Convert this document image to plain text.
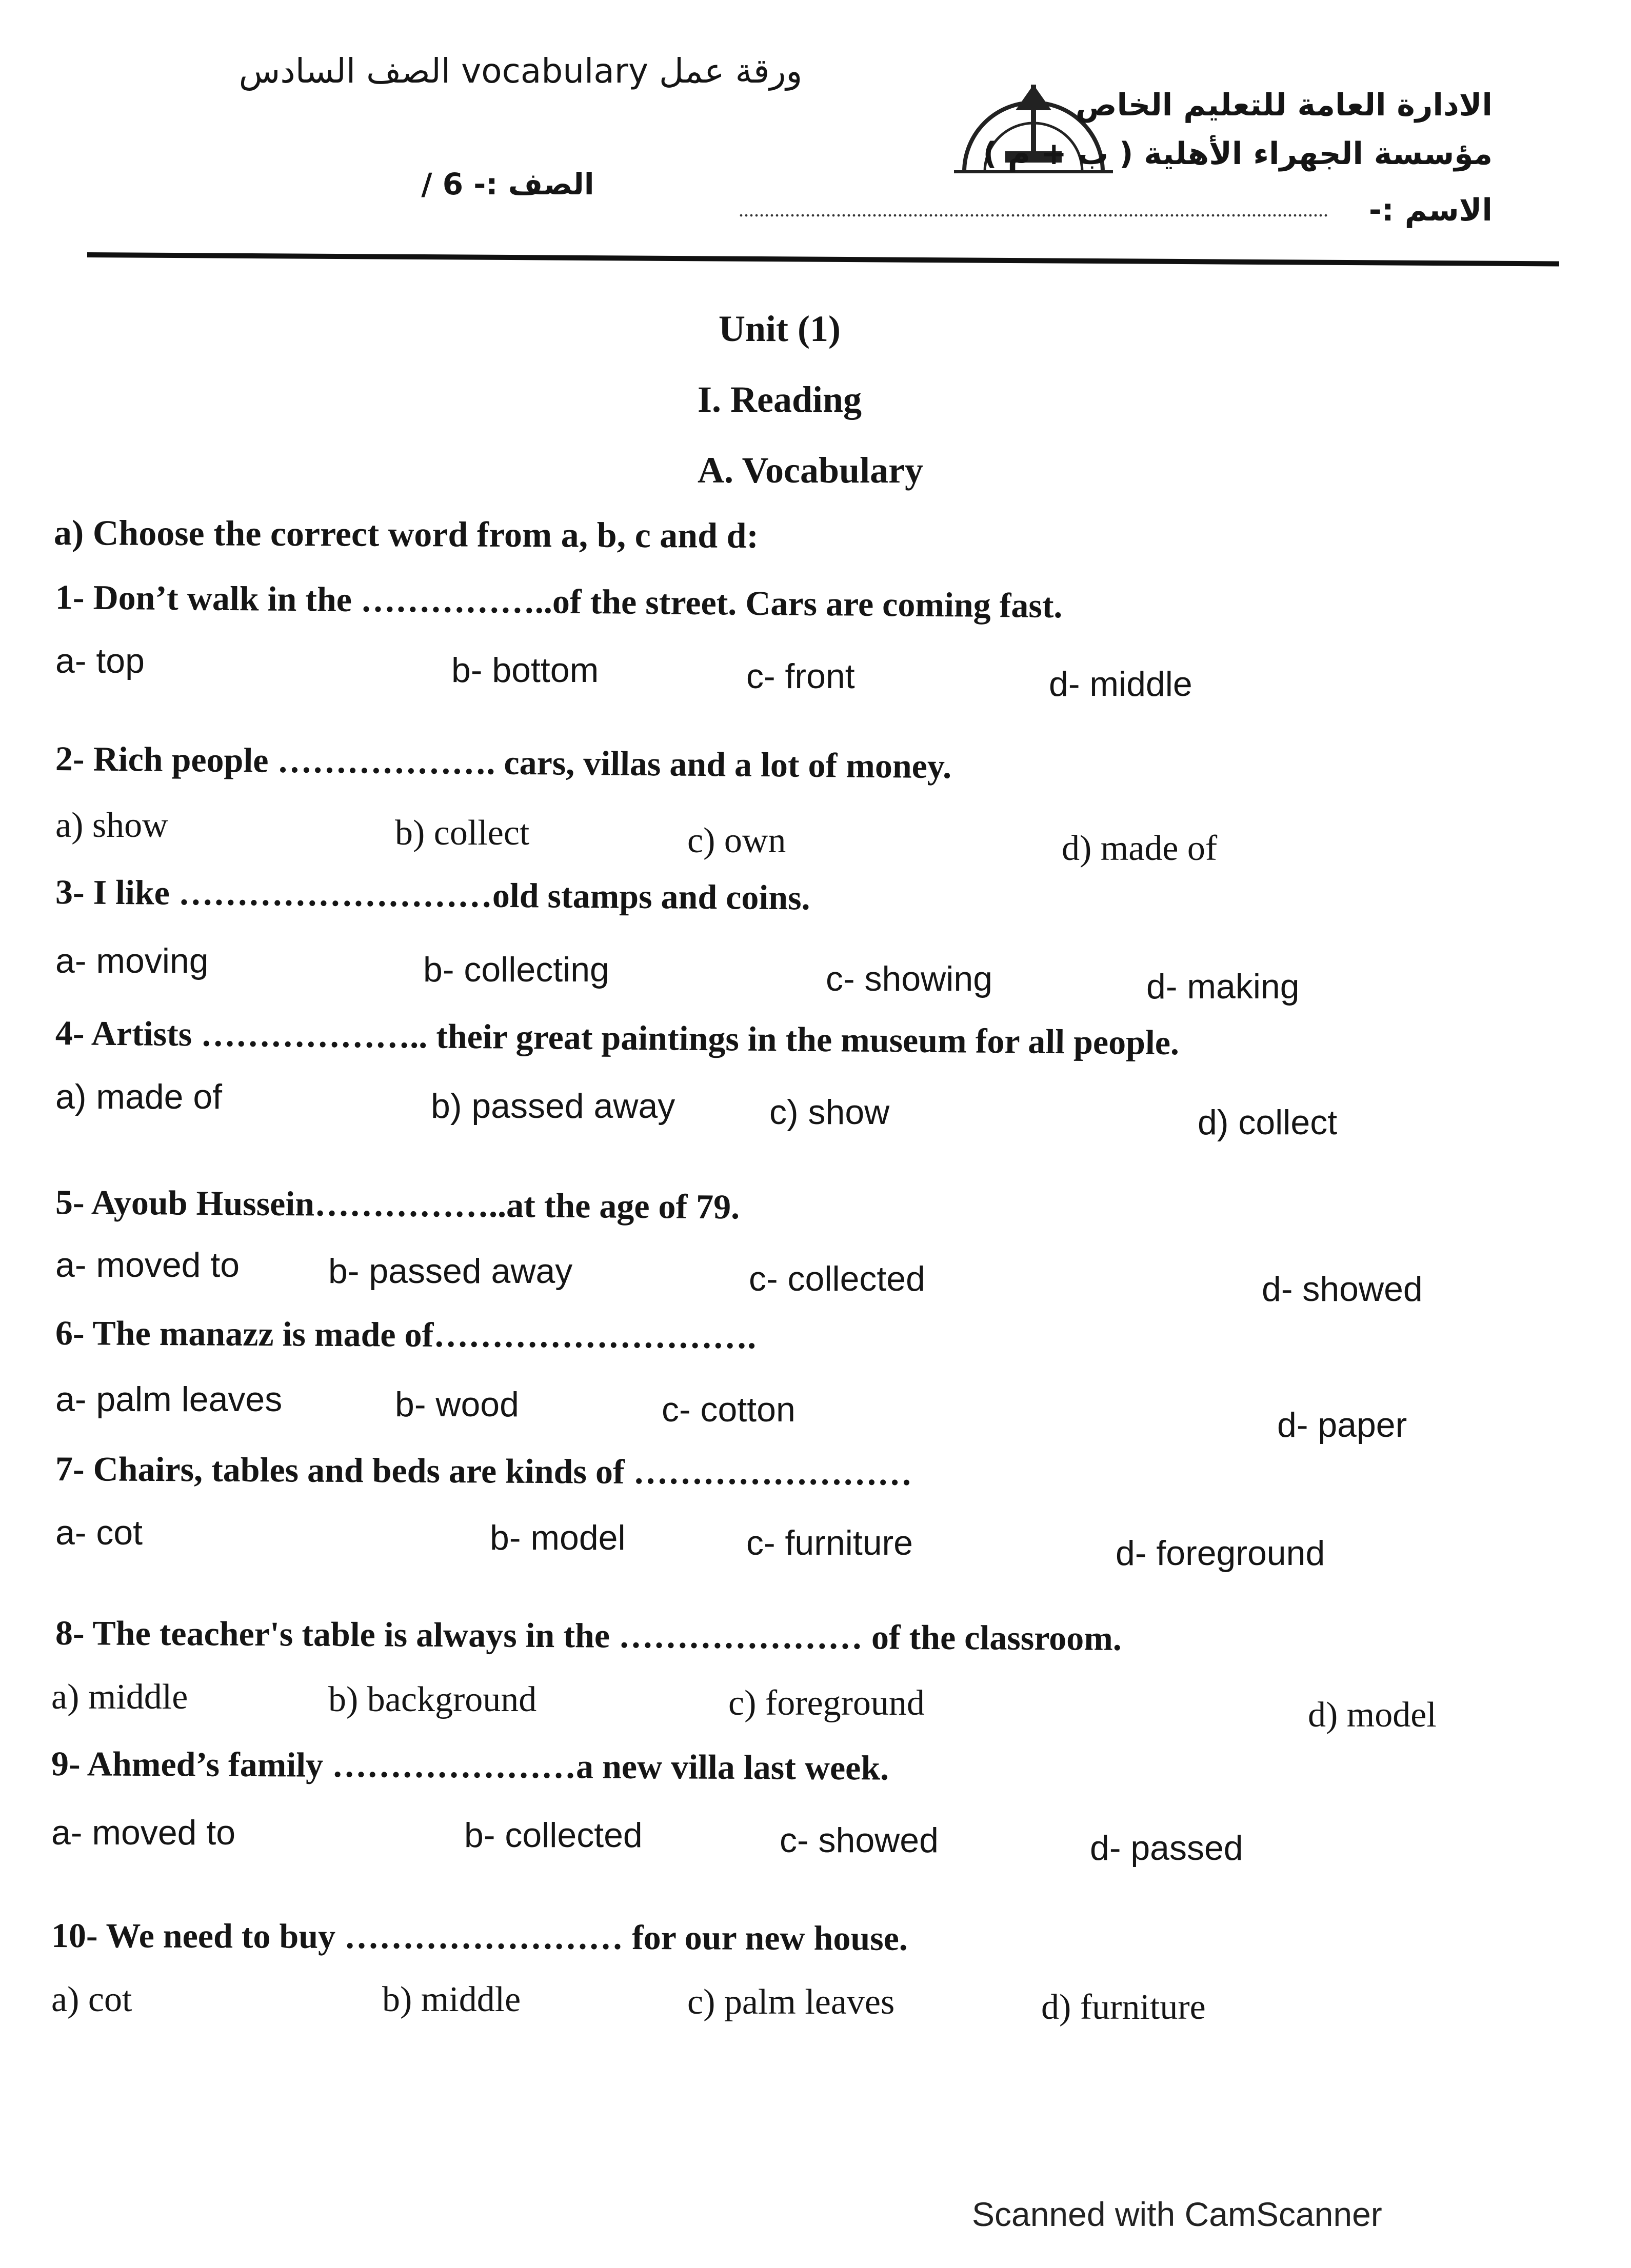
ورقة عمل vocabulary الصف السادس
الصف :- 6 /
الادارة العامة للتعليم الخاص
مؤسسة الجهراء الأهلية ( ب + م )
الاسم :-
...................................................................................................................
Unit (1)
I. Reading
A. Vocabulary
a) Choose the correct word from a, b, c and d:
1- Don’t walk in the ……………..of the street. Cars are coming fast.
a- top	b- bottom	c- front	d- middle
2- Rich people ………………. cars, villas and a lot of money.
a) show	b) collect	c) own	d) made of
3- I like ………………………old stamps and coins.
a- moving	b- collecting	c- showing	d- making
4- Artists ……………….. their great paintings in the museum for all people.
a) made of	b) passed away	c) show	d) collect
5- Ayoub Hussein……………..at the age of 79.
a- moved to	b- passed away	c- collected	d- showed
6- The manazz is made of……………………….
a- palm leaves	b- wood	c- cotton	d- paper
7- Chairs, tables and beds are kinds of ……………………
a- cot	b- model	c- furniture	d- foreground
8- The teacher's table is always in the ………………… of the classroom.
a) middle	b) background	c) foreground	d) model
9- Ahmed’s family …………………a new villa last week.
a- moved to	b- collected	c- showed	d- passed
10- We need to buy …………………… for our new house.
a) cot	b) middle	c) palm leaves	d) furniture
Scanned with CamScanner
